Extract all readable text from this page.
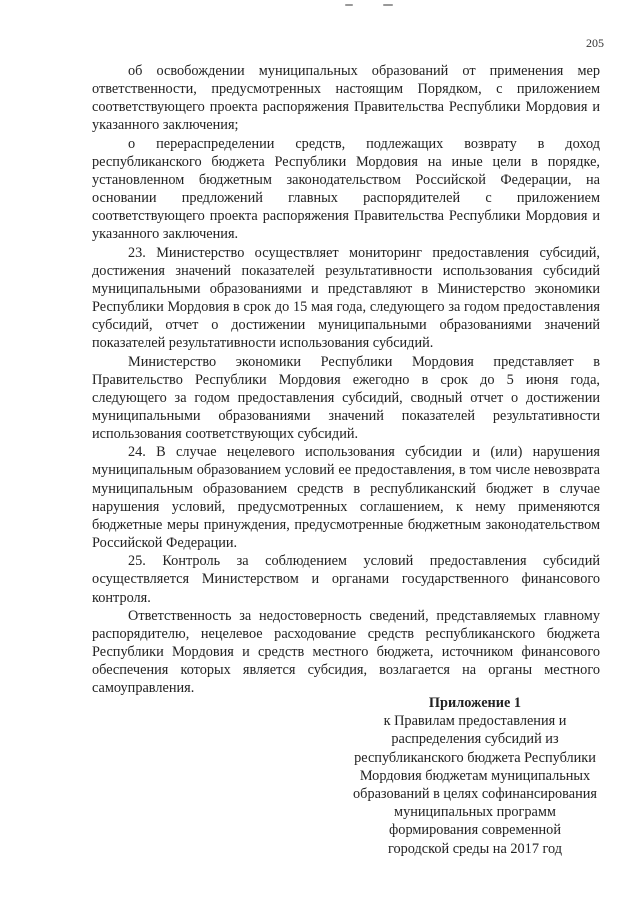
205

об освобождении муниципальных образований от применения мер ответственности, предусмотренных настоящим Порядком, с приложением соответствующего проекта распоряжения Правительства Республики Мордовия и указанного заключения;

о перераспределении средств, подлежащих возврату в доход республиканского бюджета Республики Мордовия на иные цели в порядке, установленном бюджетным законодательством Российской Федерации, на основании предложений главных распорядителей с приложением соответствующего проекта распоряжения Правительства Республики Мордовия и указанного заключения.

23. Министерство осуществляет мониторинг предоставления субсидий, достижения значений показателей результативности использования субсидий муниципальными образованиями и представляют в Министерство экономики Республики Мордовия в срок до 15 мая года, следующего за годом предоставления субсидий, отчет о достижении муниципальными образованиями значений показателей результативности использования субсидий.

Министерство экономики Республики Мордовия представляет в Правительство Республики Мордовия ежегодно в срок до 5 июня года, следующего за годом предоставления субсидий, сводный отчет о достижении муниципальными образованиями значений показателей результативности использования соответствующих субсидий.

24. В случае нецелевого использования субсидии и (или) нарушения муниципальным образованием условий ее предоставления, в том числе невозврата муниципальным образованием средств в республиканский бюджет в случае нарушения условий, предусмотренных соглашением, к нему применяются бюджетные меры принуждения, предусмотренные бюджетным законодательством Российской Федерации.

25. Контроль за соблюдением условий предоставления субсидий осуществляется Министерством и органами государственного финансового контроля.

Ответственность за недостоверность сведений, представляемых главному распорядителю, нецелевое расходование средств республиканского бюджета Республики Мордовия и средств местного бюджета, источником финансового обеспечения которых является субсидия, возлагается на органы местного самоуправления.

Приложение 1
к Правилам предоставления и
распределения субсидий из
республиканского бюджета Республики
Мордовия бюджетам муниципальных
образований в целях софинансирования
муниципальных программ
формирования современной
городской среды на 2017 год
